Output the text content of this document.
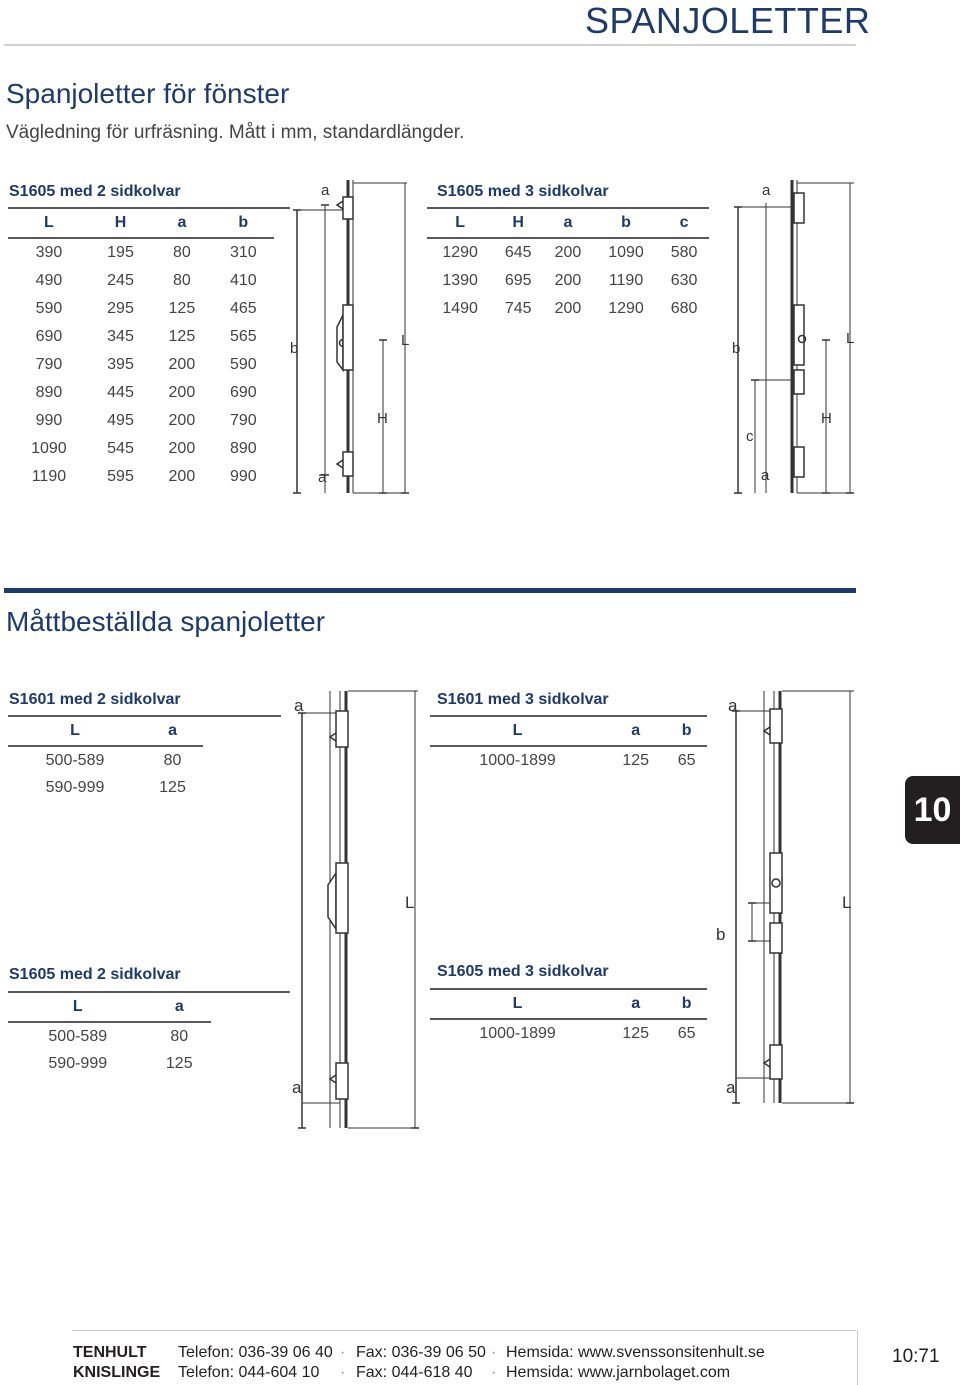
SPANJOLETTER
Spanjoletter för fönster
Vägledning för urfräsning. Mått i mm, standardlängder.
S1605 med 2 sidkolvar
L	H	a	b
390	195	80	310
490	245	80	410
590	295	125	465
690	345	125	565
790	395	200	590
890	445	200	690
990	495	200	790
1090	545	200	890
1190	595	200	990
S1605 med 3 sidkolvar
L	H	a	b	c
1290	645	200	1090	580
1390	695	200	1190	630
1490	745	200	1290	680
a
b	L
H
a
a
b
L
H
c
a
Måttbeställda spanjoletter
S1601 med 2 sidkolvar
L	a
500-589	80
590-999	125
S1601 med 3 sidkolvar
L	a	b
1000-1899	125	65
S1605 med 2 sidkolvar
L	a
500-589	80
590-999	125
S1605 med 3 sidkolvar
L	a	b
1000-1899	125	65
a
L
a
a
L
b
a
10
TENHULT Telefon: 036-39 06 40 · Fax: 036-39 06 50 · Hemsida: www.svenssonsitenhult.se
KNISLINGE Telefon: 044-604 10 · Fax: 044-618 40 · Hemsida: www.jarnbolaget.com
10:71
